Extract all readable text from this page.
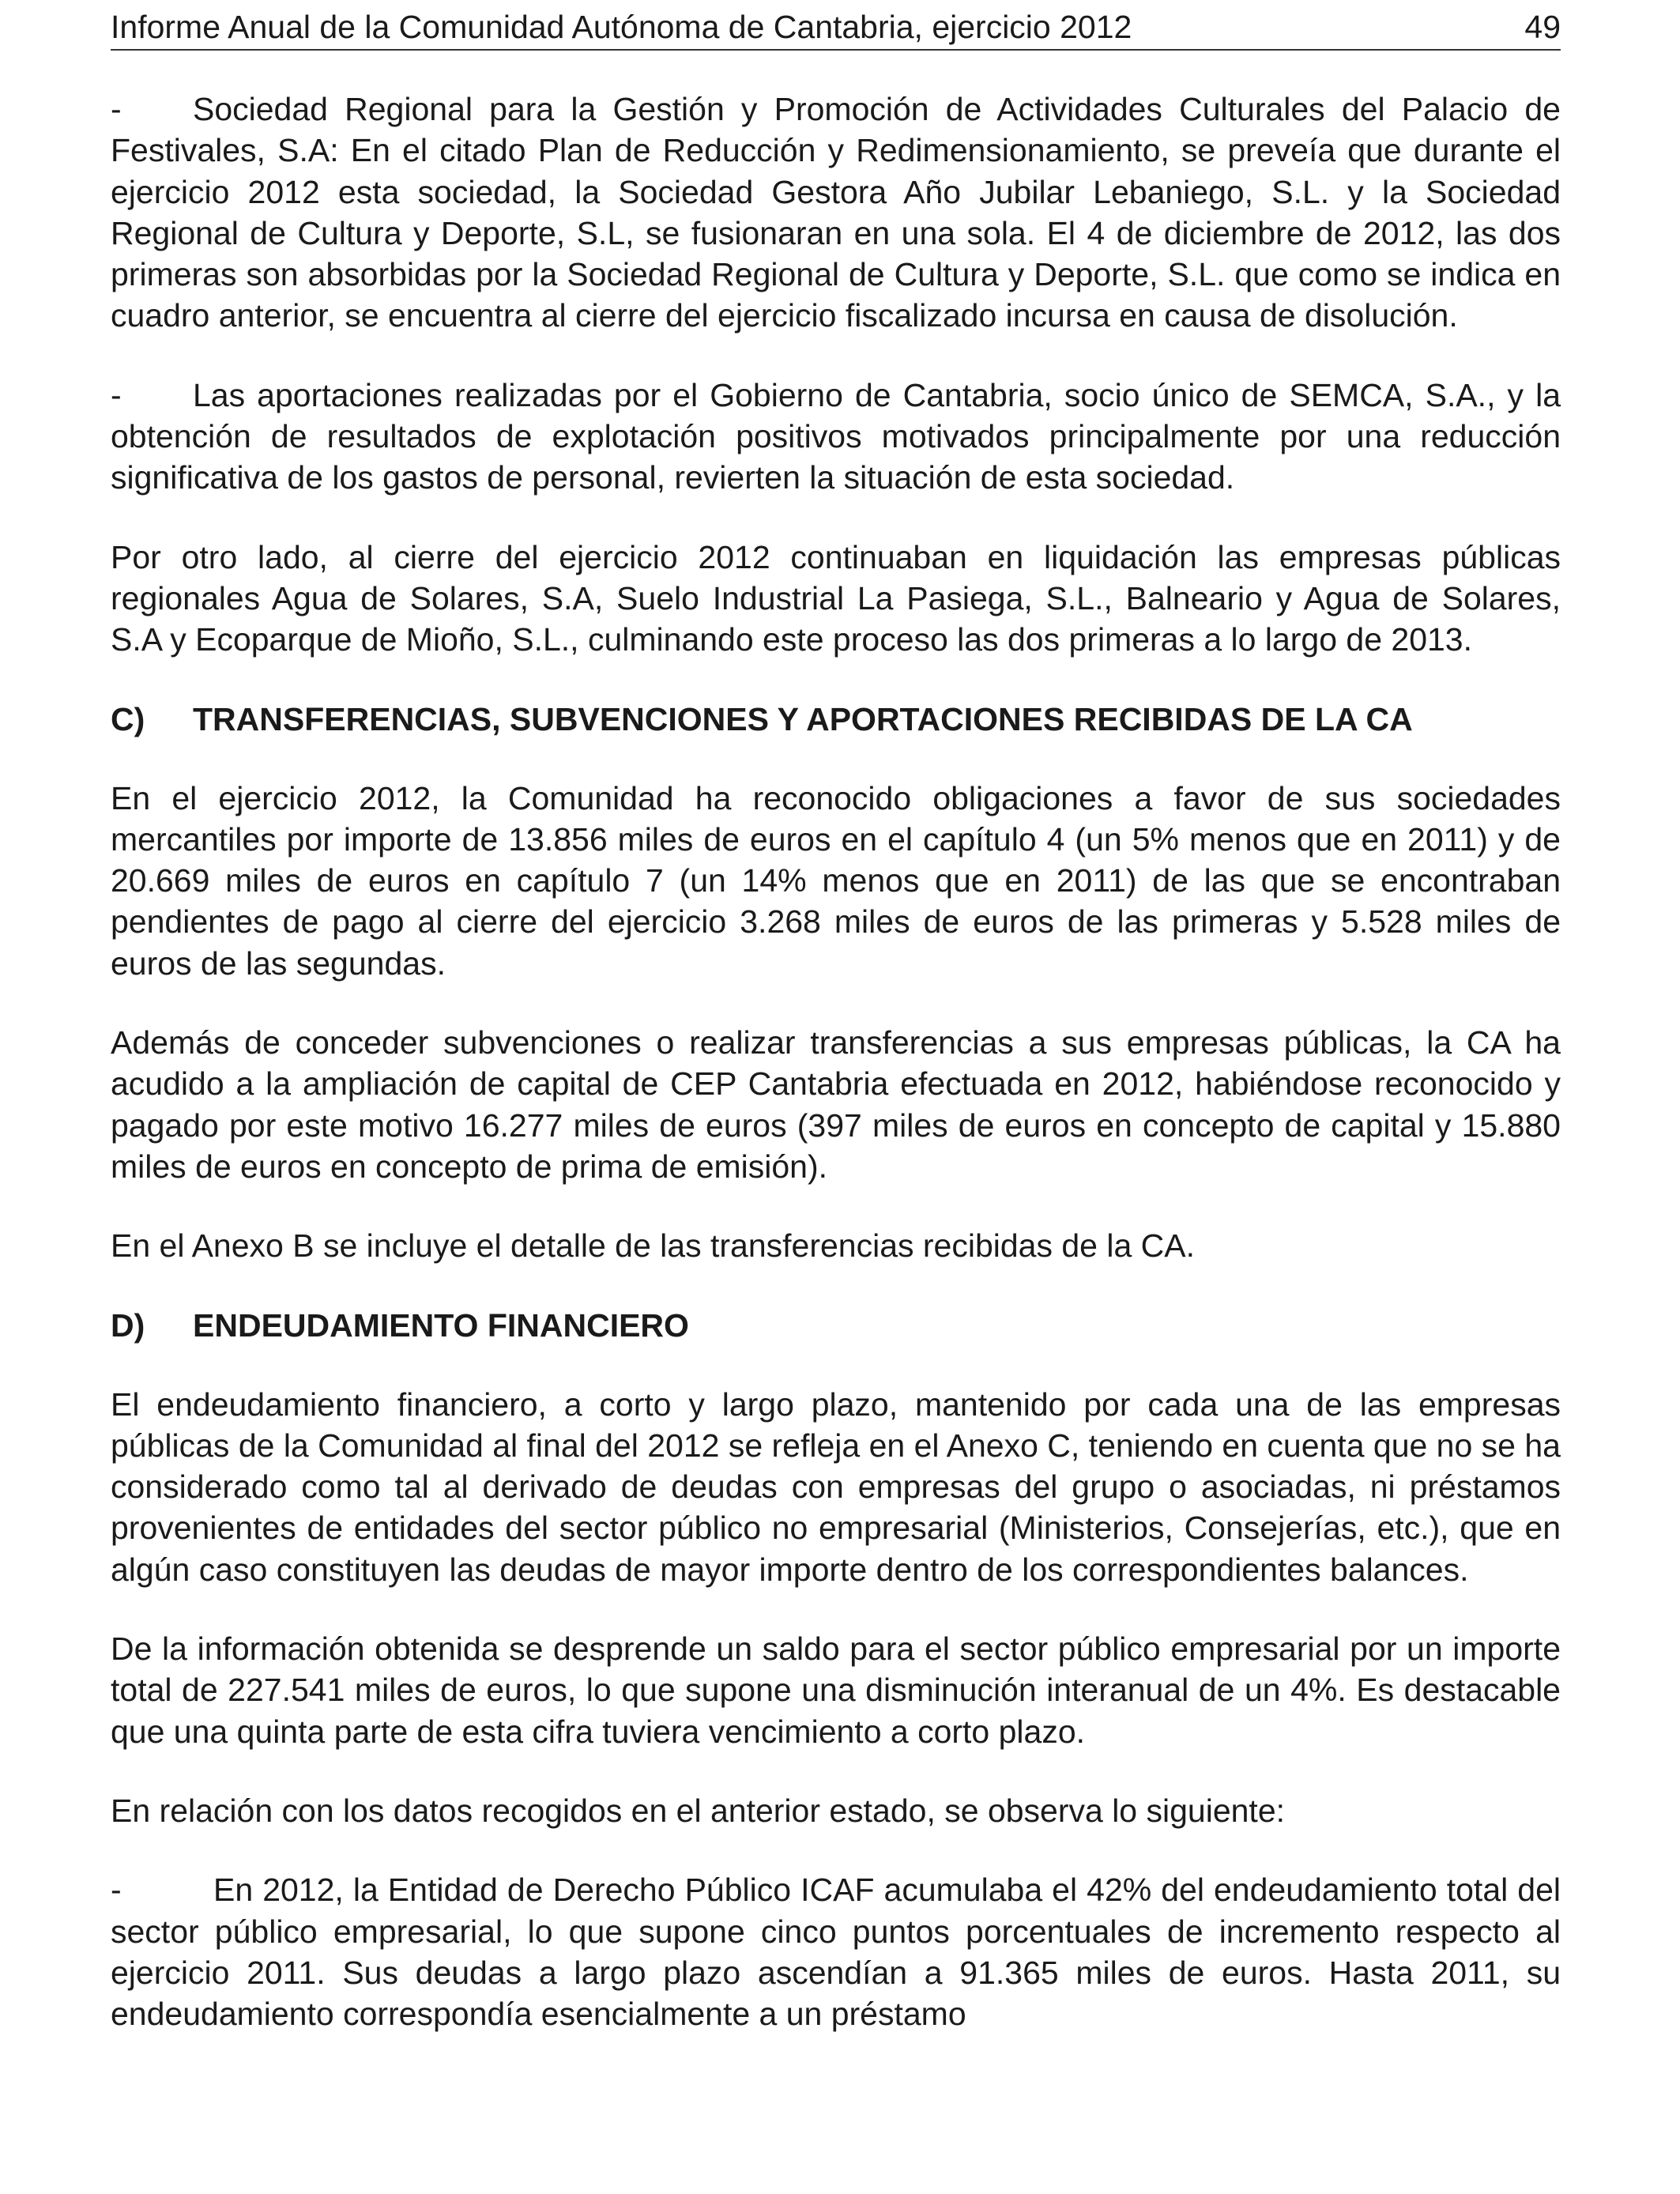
Informe Anual de la Comunidad Autónoma de Cantabria, ejercicio 2012	49

- Sociedad Regional para la Gestión y Promoción de Actividades Culturales del Palacio de Festivales, S.A: En el citado Plan de Reducción y Redimensionamiento, se preveía que durante el ejercicio 2012 esta sociedad, la Sociedad Gestora Año Jubilar Lebaniego, S.L. y la Sociedad Regional de Cultura y Deporte, S.L, se fusionaran en una sola. El 4 de diciembre de 2012, las dos primeras son absorbidas por la Sociedad Regional de Cultura y Deporte, S.L. que como se indica en cuadro anterior, se encuentra al cierre del ejercicio fiscalizado incursa en causa de disolución.

- Las aportaciones realizadas por el Gobierno de Cantabria, socio único de SEMCA, S.A., y la obtención de resultados de explotación positivos motivados principalmente por una reducción significativa de los gastos de personal, revierten la situación de esta sociedad.

Por otro lado, al cierre del ejercicio 2012 continuaban en liquidación las empresas públicas regionales Agua de Solares, S.A, Suelo Industrial La Pasiega, S.L., Balneario y Agua de Solares, S.A y Ecoparque de Mioño, S.L., culminando este proceso las dos primeras a lo largo de 2013.

C) TRANSFERENCIAS, SUBVENCIONES Y APORTACIONES RECIBIDAS DE LA CA

En el ejercicio 2012, la Comunidad ha reconocido obligaciones a favor de sus sociedades mercantiles por importe de 13.856 miles de euros en el capítulo 4 (un 5% menos que en 2011) y de 20.669 miles de euros en capítulo 7 (un 14% menos que en 2011) de las que se encontraban pendientes de pago al cierre del ejercicio 3.268 miles de euros de las primeras y 5.528 miles de euros de las segundas.

Además de conceder subvenciones o realizar transferencias a sus empresas públicas, la CA ha acudido a la ampliación de capital de CEP Cantabria efectuada en 2012, habiéndose reconocido y pagado por este motivo 16.277 miles de euros (397 miles de euros en concepto de capital y 15.880 miles de euros en concepto de prima de emisión).

En el Anexo B se incluye el detalle de las transferencias recibidas de la CA.

D) ENDEUDAMIENTO FINANCIERO

El endeudamiento financiero, a corto y largo plazo, mantenido por cada una de las empresas públicas de la Comunidad al final del 2012 se refleja en el Anexo C, teniendo en cuenta que no se ha considerado como tal al derivado de deudas con empresas del grupo o asociadas, ni préstamos provenientes de entidades del sector público no empresarial (Ministerios, Consejerías, etc.), que en algún caso constituyen las deudas de mayor importe dentro de los correspondientes balances.

De la información obtenida se desprende un saldo para el sector público empresarial por un importe total de 227.541 miles de euros, lo que supone una disminución interanual de un 4%. Es destacable que una quinta parte de esta cifra tuviera vencimiento a corto plazo.

En relación con los datos recogidos en el anterior estado, se observa lo siguiente:

-	En 2012, la Entidad de Derecho Público ICAF acumulaba el 42% del endeudamiento total del sector público empresarial, lo que supone cinco puntos porcentuales de incremento respecto al ejercicio 2011. Sus deudas a largo plazo ascendían a 91.365 miles de euros. Hasta 2011, su endeudamiento correspondía esencialmente a un préstamo
